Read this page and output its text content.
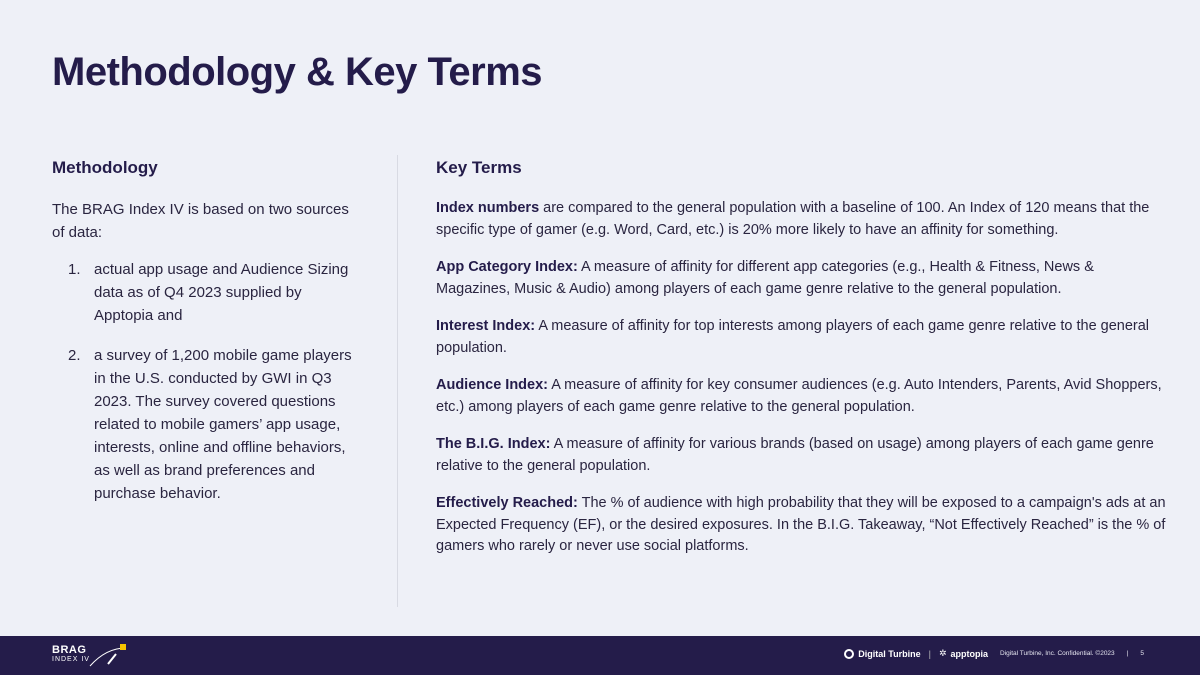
Methodology & Key Terms
Methodology

The BRAG Index IV is based on two sources of data:

1. actual app usage and Audience Sizing data as of Q4 2023 supplied by Apptopia and
2. a survey of 1,200 mobile game players in the U.S. conducted by GWI in Q3 2023. The survey covered questions related to mobile gamers’ app usage, interests, online and offline behaviors, as well as brand preferences and purchase behavior.
Key Terms

Index numbers are compared to the general population with a baseline of 100. An Index of 120 means that the specific type of gamer (e.g. Word, Card, etc.) is 20% more likely to have an affinity for something.

App Category Index: A measure of affinity for different app categories (e.g., Health & Fitness, News & Magazines, Music & Audio) among players of each game genre relative to the general population.

Interest Index: A measure of affinity for top interests among players of each game genre relative to the general population.

Audience Index: A measure of affinity for key consumer audiences (e.g. Auto Intenders, Parents, Avid Shoppers, etc.) among players of each game genre relative to the general population.

The B.I.G. Index: A measure of affinity for various brands (based on usage) among players of each game genre relative to the general population.

Effectively Reached: The % of audience with high probability that they will be exposed to a campaign's ads at an Expected Frequency (EF), or the desired exposures. In the B.I.G. Takeaway, “Not Effectively Reached” is the % of gamers who rarely or never use social platforms.

BRAG
INDEX IV
Digital Turbine | ✲ apptopia Digital Turbine, Inc. Confidential. ©2023 | 5
